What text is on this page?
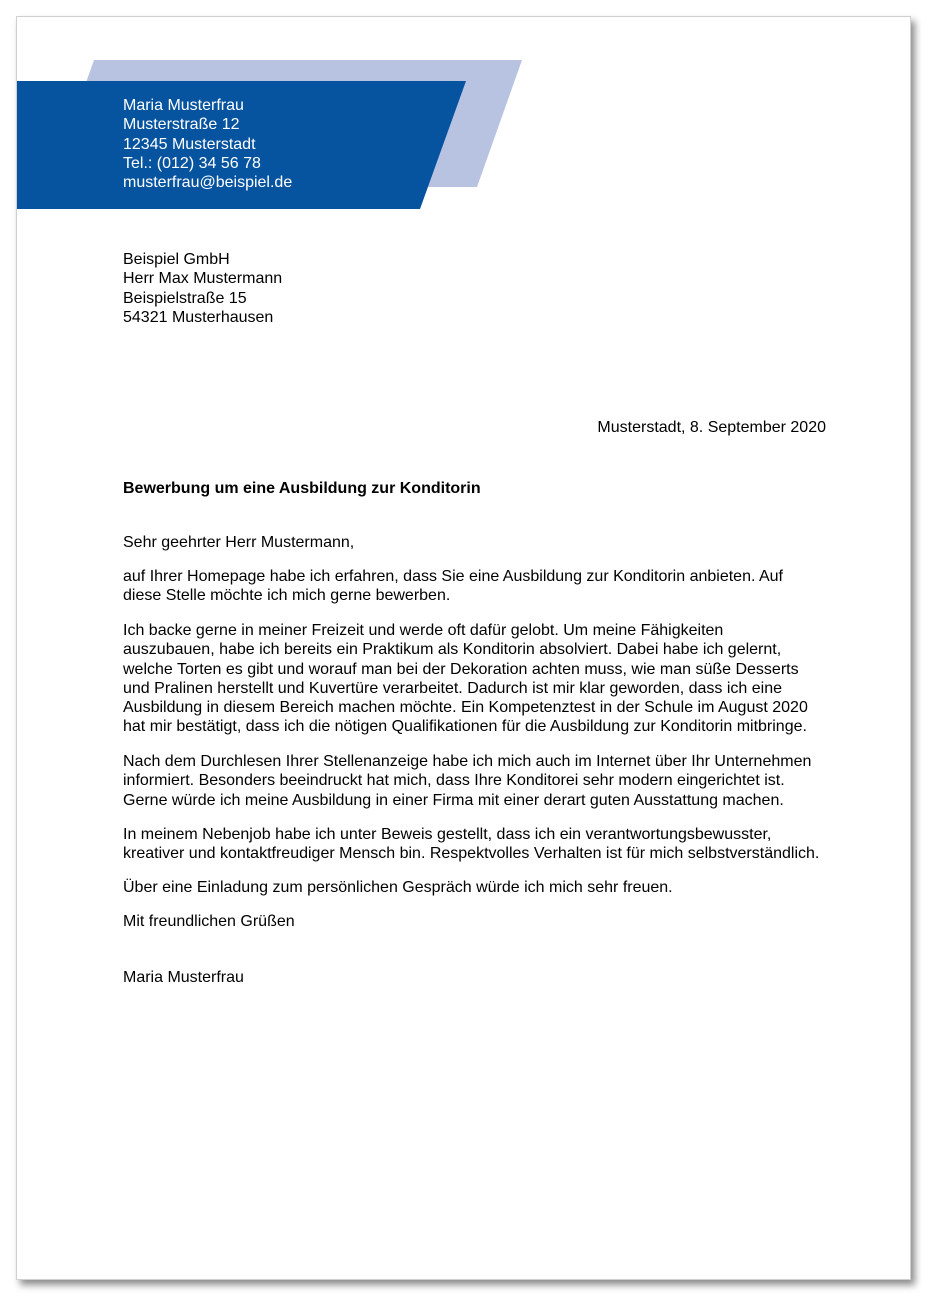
Maria Musterfrau
Musterstraße 12
12345 Musterstadt
Tel.: (012) 34 56 78
musterfrau@beispiel.de
Beispiel GmbH
Herr Max Mustermann
Beispielstraße 15
54321 Musterhausen
Musterstadt, 8. September 2020
Bewerbung um eine Ausbildung zur Konditorin
Sehr geehrter Herr Mustermann,
auf Ihrer Homepage habe ich erfahren, dass Sie eine Ausbildung zur Konditorin anbieten. Auf
diese Stelle möchte ich mich gerne bewerben.
Ich backe gerne in meiner Freizeit und werde oft dafür gelobt. Um meine Fähigkeiten
auszubauen, habe ich bereits ein Praktikum als Konditorin absolviert. Dabei habe ich gelernt,
welche Torten es gibt und worauf man bei der Dekoration achten muss, wie man süße Desserts
und Pralinen herstellt und Kuvertüre verarbeitet. Dadurch ist mir klar geworden, dass ich eine
Ausbildung in diesem Bereich machen möchte. Ein Kompetenztest in der Schule im August 2020
hat mir bestätigt, dass ich die nötigen Qualifikationen für die Ausbildung zur Konditorin mitbringe.
Nach dem Durchlesen Ihrer Stellenanzeige habe ich mich auch im Internet über Ihr Unternehmen
informiert. Besonders beeindruckt hat mich, dass Ihre Konditorei sehr modern eingerichtet ist.
Gerne würde ich meine Ausbildung in einer Firma mit einer derart guten Ausstattung machen.
In meinem Nebenjob habe ich unter Beweis gestellt, dass ich ein verantwortungsbewusster,
kreativer und kontaktfreudiger Mensch bin. Respektvolles Verhalten ist für mich selbstverständlich.
Über eine Einladung zum persönlichen Gespräch würde ich mich sehr freuen.
Mit freundlichen Grüßen
Maria Musterfrau
